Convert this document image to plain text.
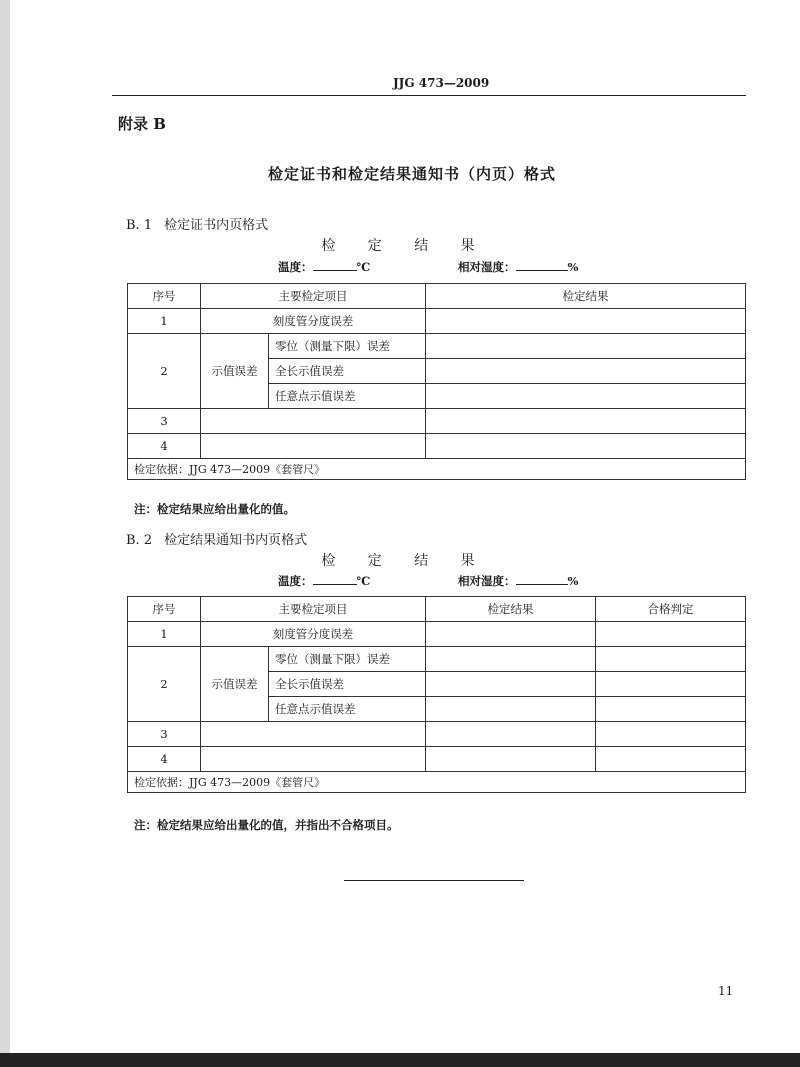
JJG 473—2009
附录 B
检定证书和检定结果通知书（内页）格式
B. 1 检定证书内页格式
检 定 结 果
温度：	℃	相对湿度：	%
序号	主要检定项目		检定结果
1	刻度管分度误差		
2	示值误差	零位（测量下限）误差	
		全长示值误差	
		任意点示值误差	
3			
4			
检定依据：JJG 473—2009《套管尺》			
注：检定结果应给出量化的值。
B. 2 检定结果通知书内页格式
检 定 结 果
温度：	℃	相对湿度：	%
序号	主要检定项目		检定结果	合格判定
1	刻度管分度误差			
2	示值误差	零位（测量下限）误差		
		全长示值误差		
		任意点示值误差		
3				
4				
检定依据：JJG 473—2009《套管尺》				
注：检定结果应给出量化的值，并指出不合格项目。
11
